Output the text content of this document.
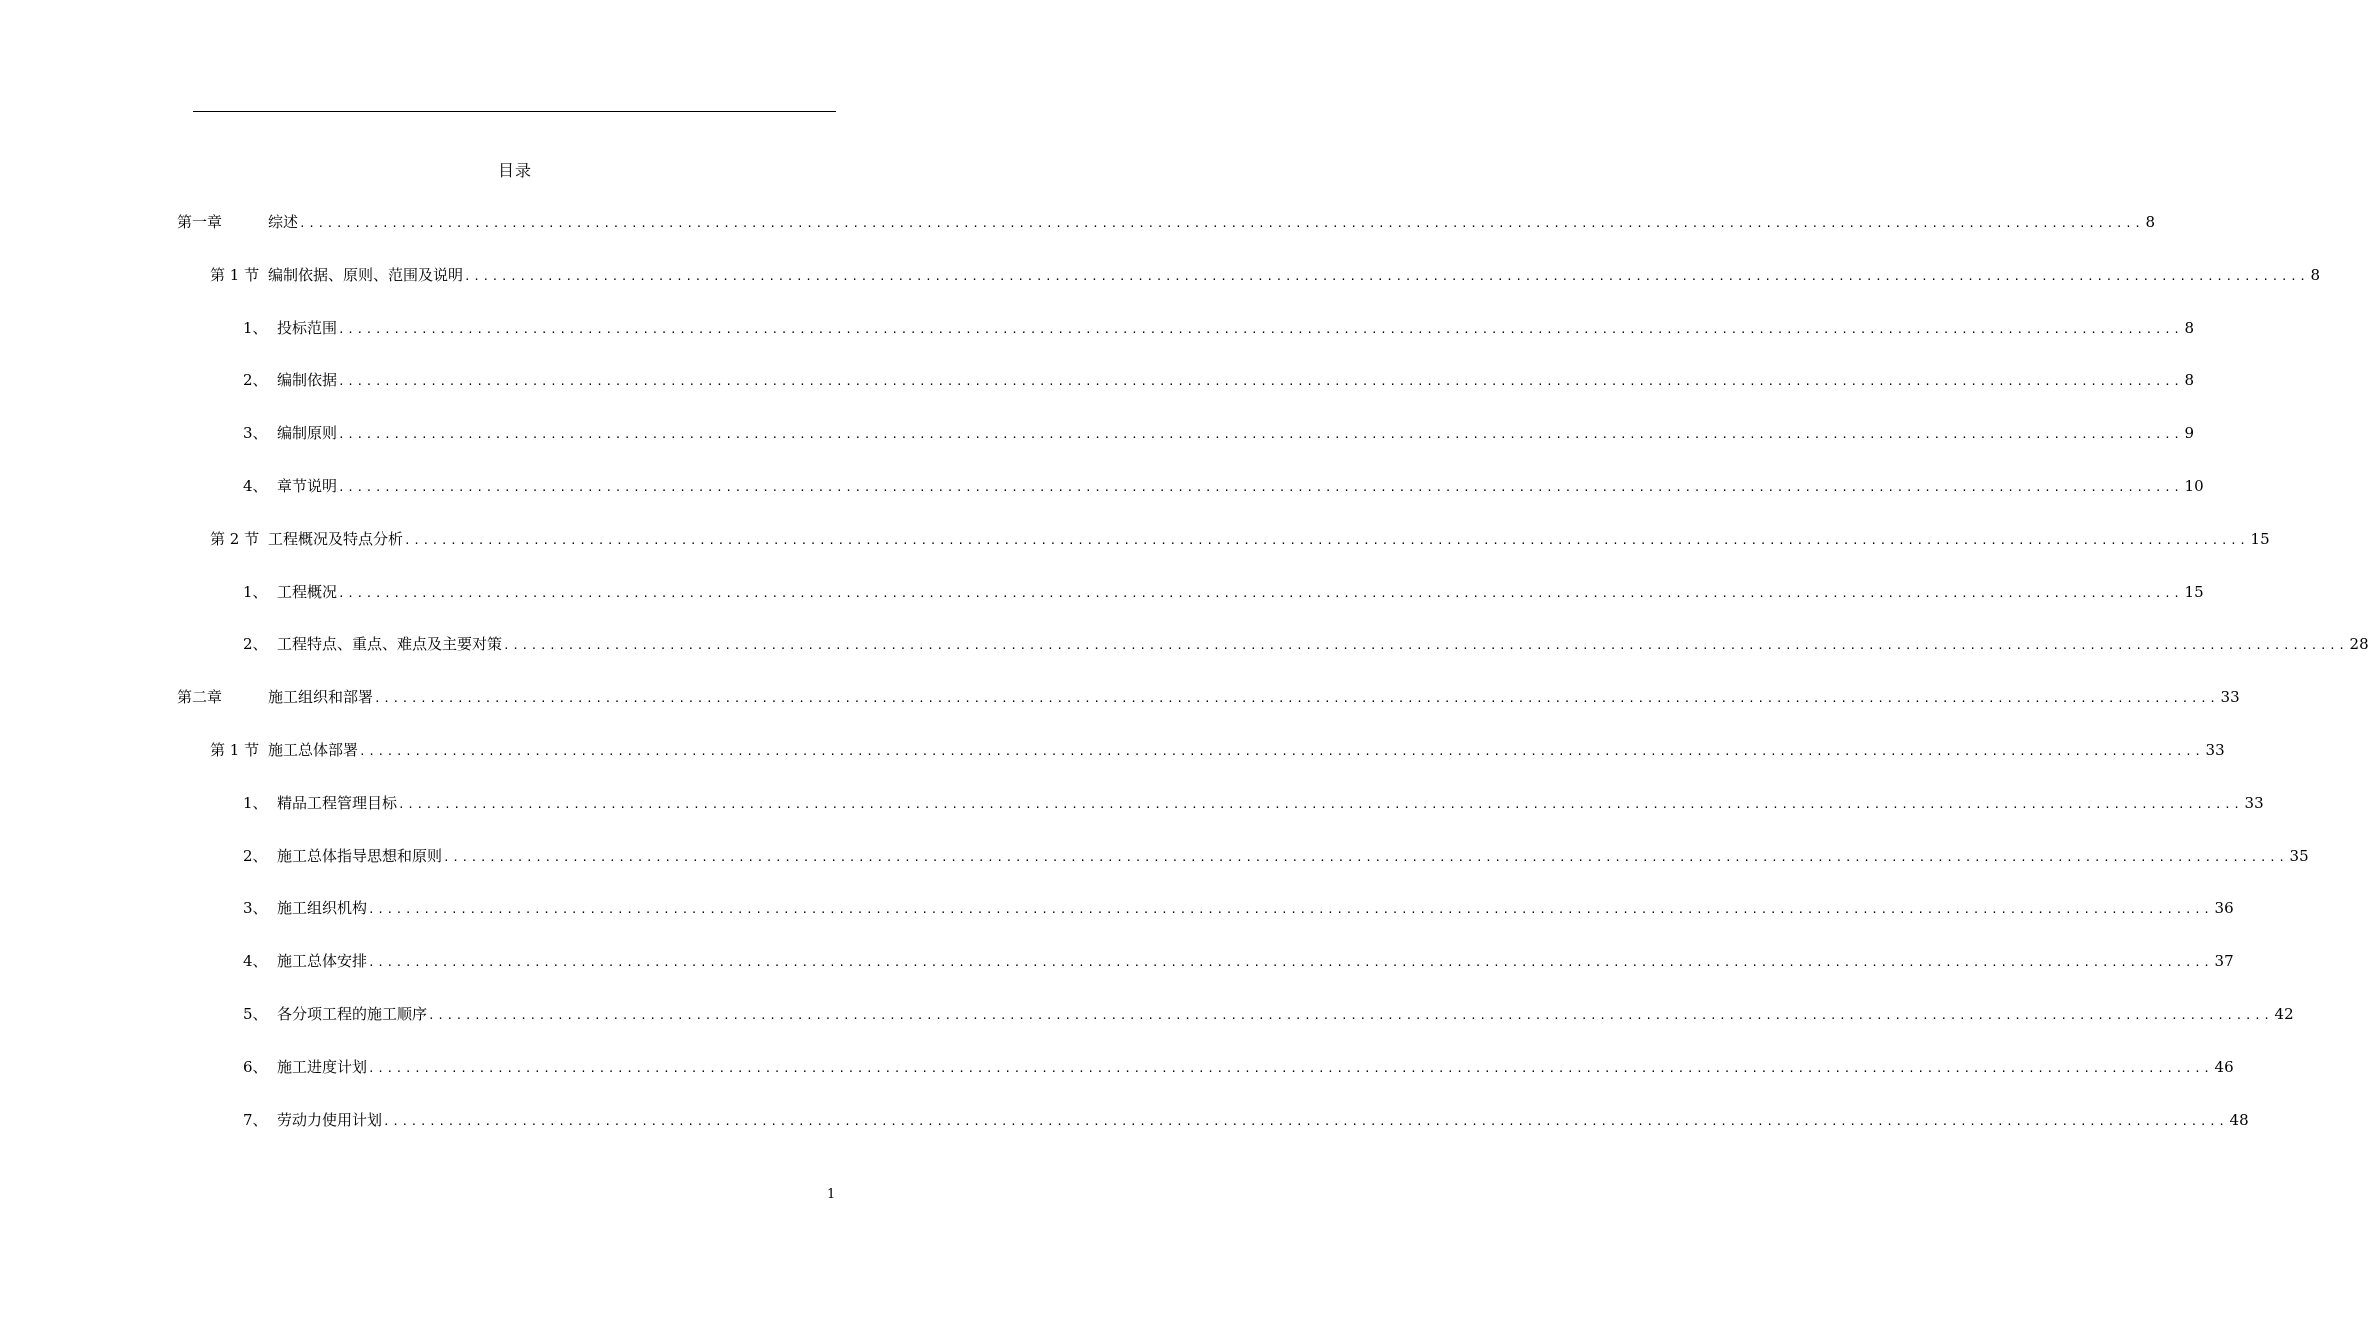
目录
第一章	综述 ........................................................................................................................................................................................................ 8
第 1 节 编制依据、原则、范围及说明 ........................................................................................................................................................................................................ 8
1、 投标范围 ........................................................................................................................................................................................................ 8
2、 编制依据 ........................................................................................................................................................................................................ 8
3、 编制原则 ........................................................................................................................................................................................................ 9
4、 章节说明 ........................................................................................................................................................................................................ 10
第 2 节 工程概况及特点分析 ........................................................................................................................................................................................................ 15
1、 工程概况 ........................................................................................................................................................................................................ 15
2、 工程特点、重点、难点及主要对策 ........................................................................................................................................................................................................ 28
第二章	施工组织和部署 ........................................................................................................................................................................................................ 33
第 1 节 施工总体部署 ........................................................................................................................................................................................................ 33
1、 精品工程管理目标 ........................................................................................................................................................................................................ 33
2、 施工总体指导思想和原则 ........................................................................................................................................................................................................ 35
3、 施工组织机构 ........................................................................................................................................................................................................ 36
4、 施工总体安排 ........................................................................................................................................................................................................ 37
5、 各分项工程的施工顺序 ........................................................................................................................................................................................................ 42
6、 施工进度计划 ........................................................................................................................................................................................................ 46
7、 劳动力使用计划 ........................................................................................................................................................................................................ 48
1
